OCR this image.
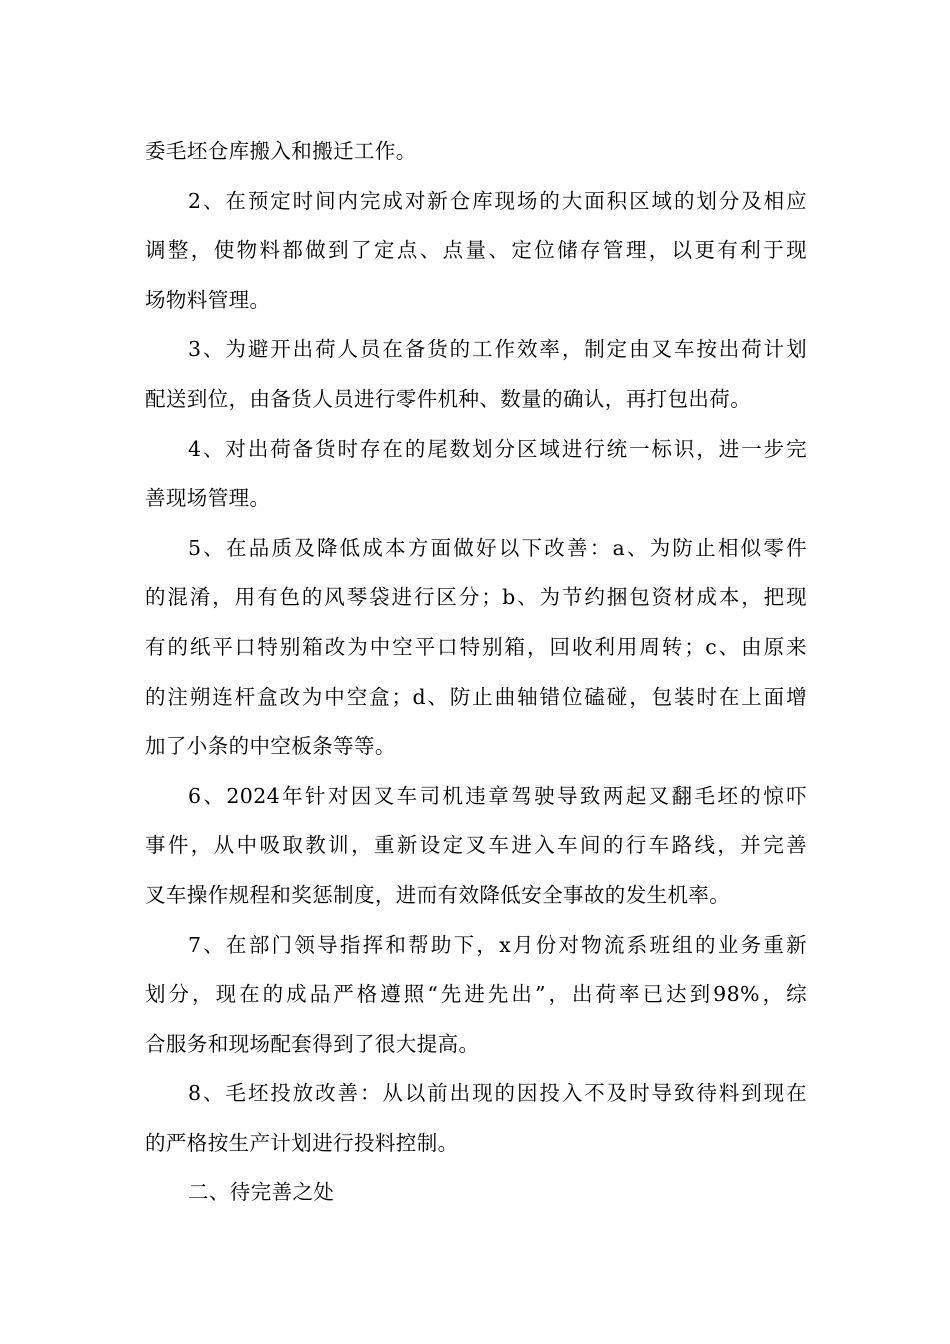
委毛坯仓库搬入和搬迁工作。
2、在预定时间内完成对新仓库现场的大面积区域的划分及相应
调整，使物料都做到了定点、点量、定位储存管理，以更有利于现
场物料管理。
3、为避开出荷人员在备货的工作效率，制定由叉车按出荷计划
配送到位，由备货人员进行零件机种、数量的确认，再打包出荷。
4、对出荷备货时存在的尾数划分区域进行统一标识，进一步完
善现场管理。
5、在品质及降低成本方面做好以下改善：a、为防止相似零件
的混淆，用有色的风琴袋进行区分；b、为节约捆包资材成本，把现
有的纸平口特别箱改为中空平口特别箱，回收利用周转；c、由原来
的注朔连杆盒改为中空盒；d、防止曲轴错位磕碰，包装时在上面增
加了小条的中空板条等等。
6、2024年针对因叉车司机违章驾驶导致两起叉翻毛坯的惊吓
事件，从中吸取教训，重新设定叉车进入车间的行车路线，并完善
叉车操作规程和奖惩制度，进而有效降低安全事故的发生机率。
7、在部门领导指挥和帮助下，x月份对物流系班组的业务重新
划分，现在的成品严格遵照“先进先出”，出荷率已达到98%，综
合服务和现场配套得到了很大提高。
8、毛坯投放改善：从以前出现的因投入不及时导致待料到现在
的严格按生产计划进行投料控制。
二、待完善之处
